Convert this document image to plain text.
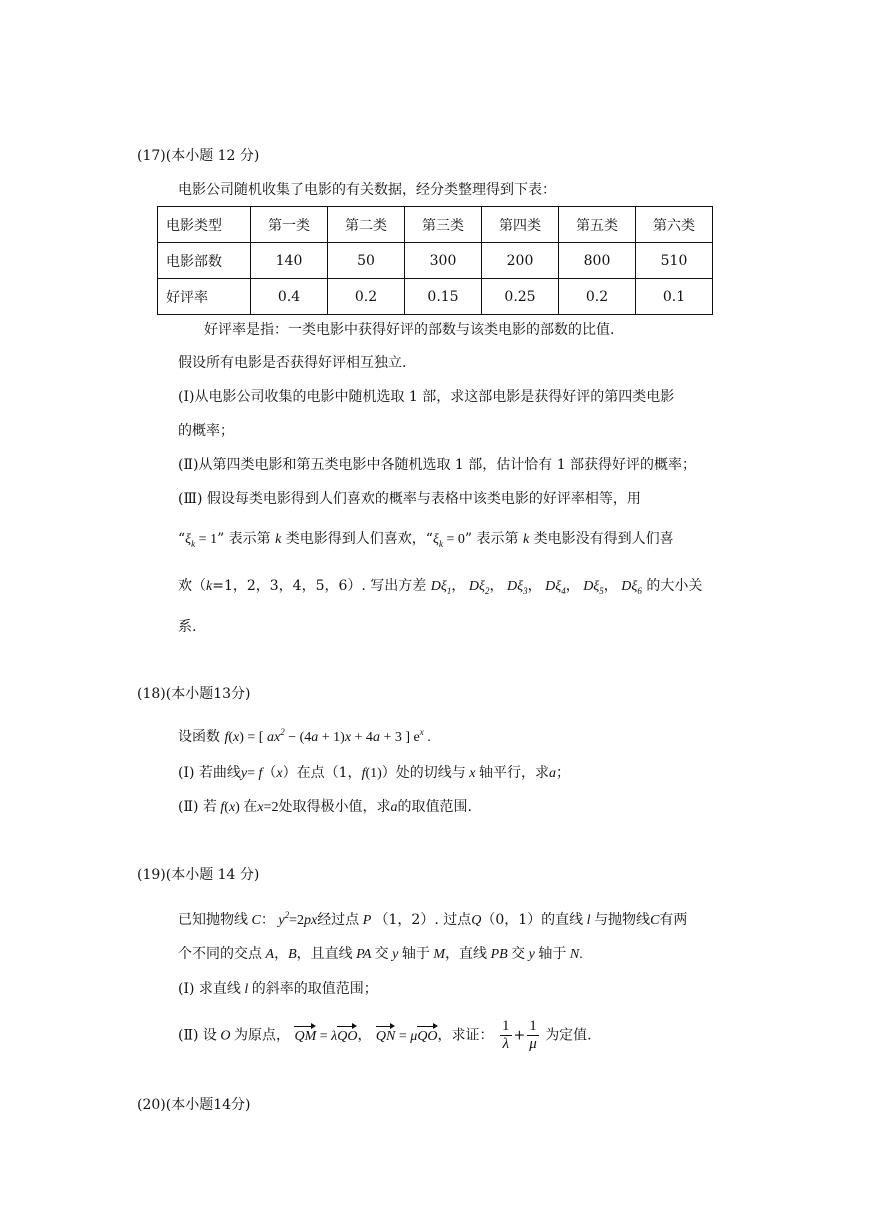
(17)(本小题 12 分)
电影公司随机收集了电影的有关数据，经分类整理得到下表：
电影类型	第一类	第二类	第三类	第四类	第五类	第六类
电影部数	140	50	300	200	800	510
好评率	0.4	0.2	0.15	0.25	0.2	0.1
好评率是指：一类电影中获得好评的部数与该类电影的部数的比值.
假设所有电影是否获得好评相互独立.
(Ⅰ)从电影公司收集的电影中随机选取 1 部，求这部电影是获得好评的第四类电影
的概率；
(Ⅱ)从第四类电影和第五类电影中各随机选取 1 部，估计恰有 1 部获得好评的概率；
(Ⅲ) 假设每类电影得到人们喜欢的概率与表格中该类电影的好评率相等，用
“$\xi_k = 1$” 表示第 k 类电影得到人们喜欢，“$\xi_k = 0$” 表示第 k 类电影没有得到人们喜
欢（k=1，2，3，4，5，6）. 写出方差 $D\xi_1$， $D\xi_2$， $D\xi_3$， $D\xi_4$， $D\xi_5$， $D\xi_6$ 的大小关
系.
(18)(本小题13分)
设函数 f(x) = [ $ax^2 - (4a + 1)x + 4a + 3$ ] $e^x$ .
(Ⅰ) 若曲线y= f（x）在点（1，f(1)）处的切线与 x 轴平行，求a；
(Ⅱ) 若 f(x) 在x=2处取得极小值，求a的取值范围.
(19)(本小题 14 分)
已知抛物线 C： $y^2=2px$经过点 P （1，2）. 过点Q（0，1）的直线 l 与抛物线C有两
个不同的交点 A，B，且直线 PA 交 y 轴于 M，直线 PB 交 y 轴于 N.
(Ⅰ) 求直线 l 的斜率的取值范围；
(Ⅱ) 设 O 为原点， QM = λQO， QN = μQO，求证： $\frac{1}{\lambda} + \frac{1}{\mu}$ 为定值.
(20)(本小题14分)
